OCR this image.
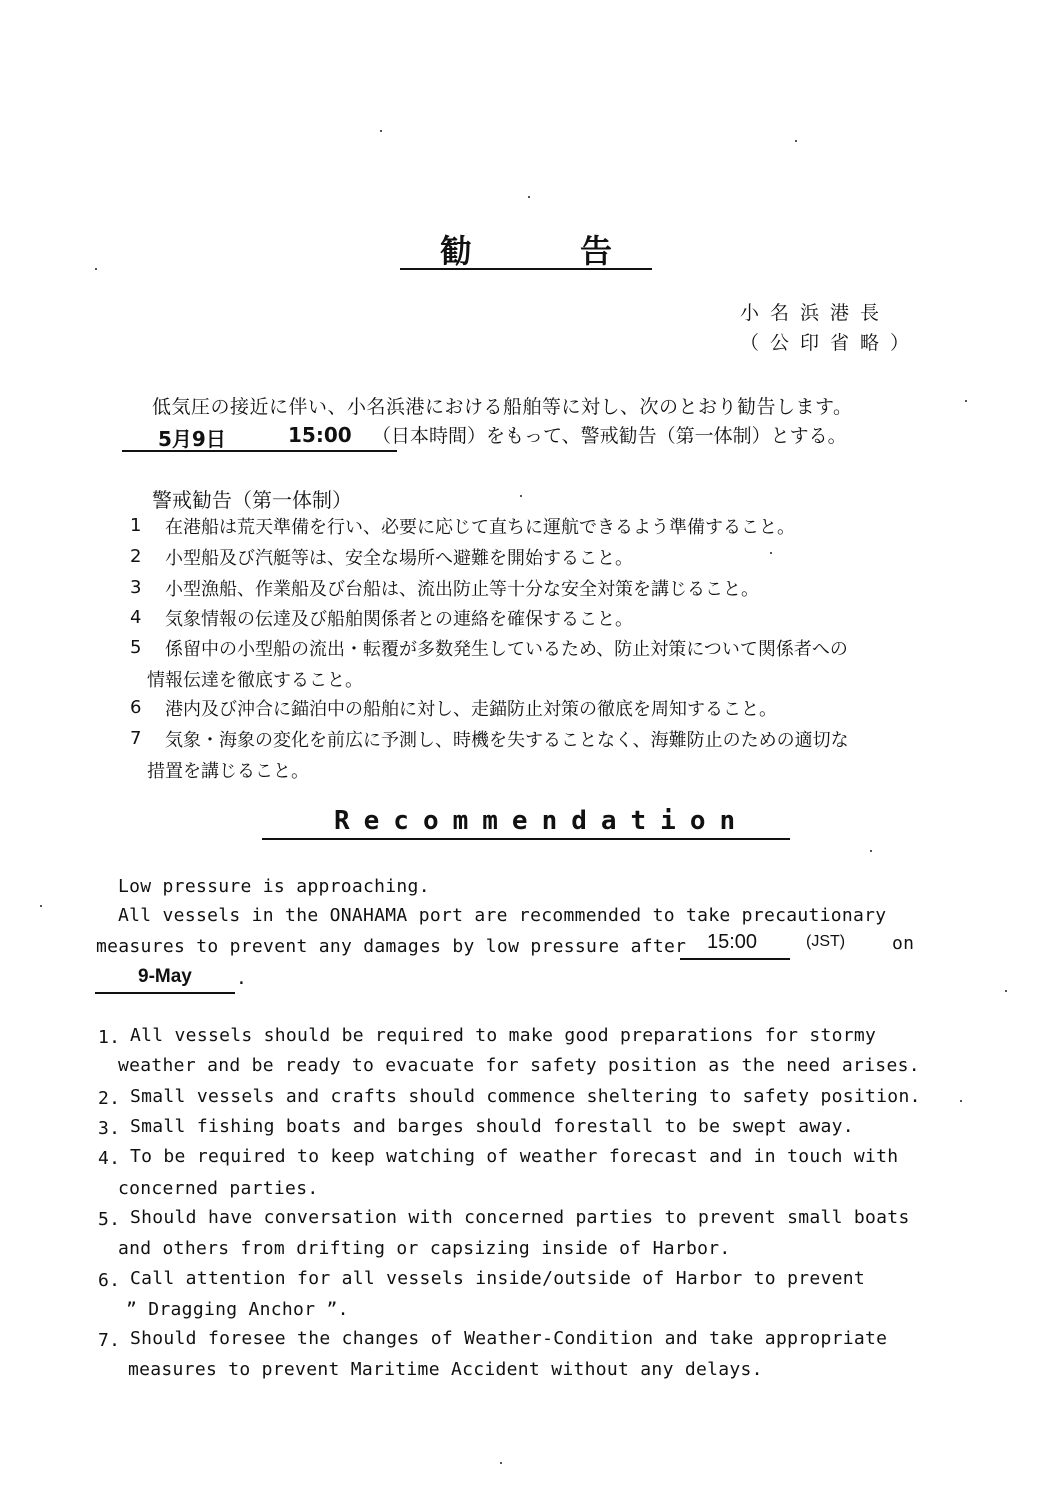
勧	告
小名浜港長
（公印省略）
低気圧の接近に伴い、小名浜港における船舶等に対し、次のとおり勧告します。
5月9日	15:00 （日本時間）をもって、警戒勧告（第一体制）とする。
警戒勧告（第一体制）
1 在港船は荒天準備を行い、必要に応じて直ちに運航できるよう準備すること。
2 小型船及び汽艇等は、安全な場所へ避難を開始すること。
3 小型漁船、作業船及び台船は、流出防止等十分な安全対策を講じること。
4 気象情報の伝達及び船舶関係者との連絡を確保すること。
5 係留中の小型船の流出・転覆が多数発生しているため、防止対策について関係者への
情報伝達を徹底すること。
6 港内及び沖合に錨泊中の船舶に対し、走錨防止対策の徹底を周知すること。
7 気象・海象の変化を前広に予測し、時機を失することなく、海難防止のための適切な
措置を講じること。
Recommendation
Low pressure is approaching.
All vessels in the ONAHAMA port are recommended to take precautionary
measures to prevent any damages by low pressure after 15:00	(JST)	on
9-May .
1. All vessels should be required to make good preparations for stormy
weather and be ready to evacuate for safety position as the need arises.
2. Small vessels and crafts should commence sheltering to safety position.
3. Small fishing boats and barges should forestall to be swept away.
4. To be required to keep watching of weather forecast and in touch with
concerned parties.
5. Should have conversation with concerned parties to prevent small boats
and others from drifting or capsizing inside of Harbor.
6. Call attention for all vessels inside/outside of Harbor to prevent
” Dragging Anchor ”.
7. Should foresee the changes of Weather-Condition and take appropriate
measures to prevent Maritime Accident without any delays.
